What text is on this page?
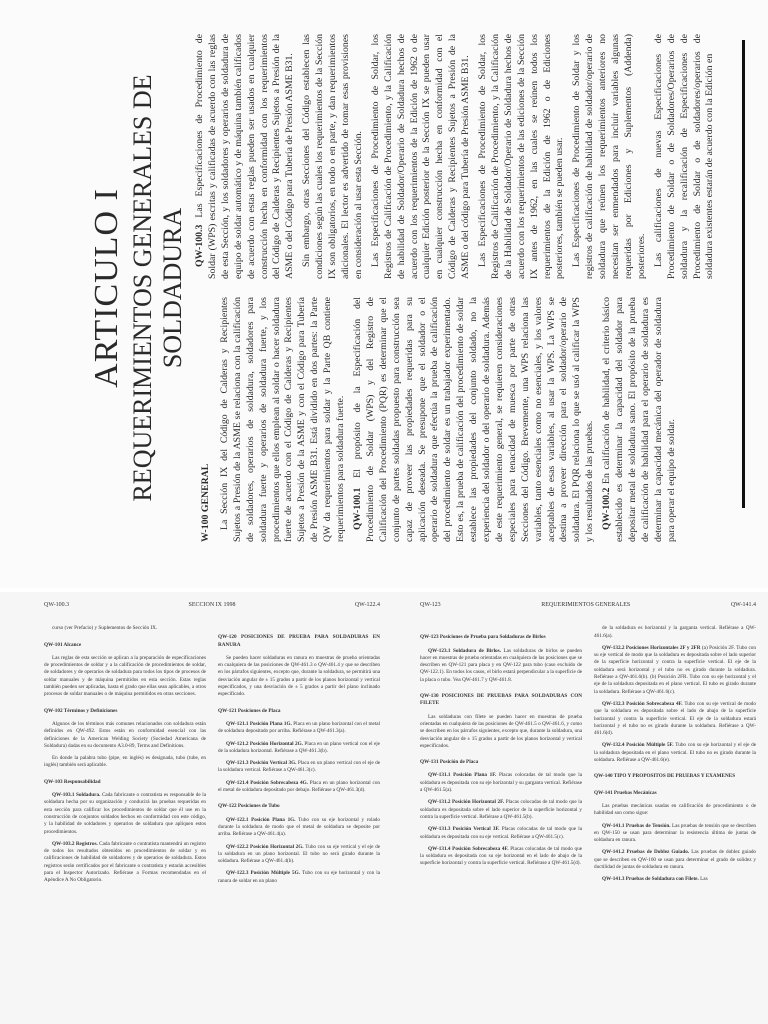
ARTICULO I REQUERIMIENTOS GENERALES DE SOLDADURA

W-100 GENERAL La Sección IX del Código de Calderas y Recipientes Sujetos a Presión de la ASME se relaciona con la calificación de soldadores, operarios de soldadura, soldadores para soldadura fuerte y operarios de soldadura fuerte, y los procedimientos que ellos emplean al soldar o hacer soldadura fuerte de acuerdo con el Código de Calderas y Recipientes Sujetos a Presión de la ASME y con el Código para Tubería de Presión ASME B31. Está dividido en dos partes: la Parte QW da requerimientos para soldar y la Parte QB contiene requerimientos para soldadura fuerte. QW-100.1 El propósito de la Especificación del Procedimiento de Soldar (WPS) y del Registro de Calificación del Procedimiento (PQR) es determinar que el conjunto de partes soldadas propuesto para construcción sea capaz de proveer las propiedades requeridas para su aplicación deseada. Se presupone que el soldador o el operario de soldadura que efectúa la prueba de calificación del procedimiento de soldar es un trabajador experimentado. Esto es, la prueba de calificación del procedimiento de soldar establece las propiedades del conjunto soldado, no la experiencia del soldador o del operario de soldadura. Además de este requerimiento general, se requieren consideraciones especiales para tenacidad de muesca por parte de otras Secciones del Código. Brevemente, una WPS relaciona las variables, tanto esenciales como no esenciales, y los valores aceptables de esas variables, al usar la WPS. La WPS se destina a proveer dirección para el soldador/operario de soldadura. El PQR relaciona lo que se usó al calificar la WPS y los resultados de las pruebas. QW-100.2 En calificación de habilidad, el criterio básico establecido es determinar la capacidad del soldador para depositar metal de soldadura sano. El propósito de la prueba de calificación de habilidad para el operario de soldadura es determinar la capacidad mecánica del operador de soldadura para operar el equipo de soldar.

QW-100.3 Las Especificaciones de Procedimiento de Soldar (WPS) escritas y calificadas de acuerdo con las reglas de esta Sección, y los soldadores y operarios de soldadura de equipo de soldar automático y de máquina también calificados de acuerdo con estas reglas pueden ser usados en cualquier construcción hecha en conformidad con los requerimientos del Código de Calderas y Recipientes Sujetos a Presión de la ASME o del Código para Tubería de Presión ASME B31. Sin embargo, otras Secciones del Código establecen las condiciones según las cuales los requerimientos de la Sección IX son obligatorios, en todo o en parte, y dan requerimientos adicionales. El lector es advertido de tomar esas provisiones en consideración al usar esta Sección. Las Especificaciones de Procedimiento de Soldar, los Registros de Calificación de Procedimiento, y la Calificación de habilidad de Soldador/Operario de Soldadura hechos de acuerdo con los requerimientos de la Edición de 1962 o de cualquier Edición posterior de la Sección IX se pueden usar en cualquier construcción hecha en conformidad con el Código de Calderas y Recipientes Sujetos a Presión de la ASME o del código para Tubería de Presión ASME B31. Las Especificaciones de Procedimiento de Soldar, los Registros de Calificación de Procedimiento, y la Calificación de la Habilidad de Soldador/Operario de Soldadura hechos de acuerdo con los requerimientos de las ediciones de la Sección IX antes de 1962, en las cuales se reúnen todos los requerimientos de la Edición de 1962 o de Ediciones posteriores, también se pueden usar. Las Especificaciones de Procedimiento de Soldar y los registros de calificación de habilidad de soldador/operario de soldadura que reúnen los requerimientos anteriores no necesitan ser enmendados para incluir variables algunas requeridas por Ediciones y Suplementos (Addenda) posteriores. Las calificaciones de nuevas Especificaciones de Procedimiento de Soldar o de Soldadores/Operarios de soldadura y la recalificación de Especificaciones de Procedimiento de Soldar o de soldadores/operarios de soldadura existentes estarán de acuerdo con la Edición en

QW-100.3	SECCION IX 1998	QW-122.4

curso (ver Prefacio) y Suplementos de Sección IX.

QW-101 Alcance

Las reglas de esta sección se aplican a la preparación de especificaciones de procedimientos de soldar y a la calificación de procedimientos de soldar, de soldadores y de operarios de soldadura para todos los tipos de procesos de soldar manuales y de máquina permitidos en esta sección. Estas reglas también pueden ser aplicadas, hasta el grado que ellas sean aplicables, a otros procesos de soldar manuales o de máquina permitidos en otras secciones.

QW-102 Términos y Definiciones

Algunos de los términos más comunes relacionados con soldadura están definidos en QW-492. Estos están en conformidad esencial con las definiciones de la American Welding Society (Sociedad Americana de Soldadura) dadas en su documento A3.0-89, Terms and Definitions.

En donde la palabra tubo (pipe, en inglés) es designada, tubo (tube, en inglés) también será aplicable.

QW-103 Responsabilidad

QW-103.1 Soldadura. Cada fabricante o contratista es responsable de la soldadura hecha por su organización y conducirá las pruebas requeridas en esta sección para calificar los procedimientos de soldar que él use en la construcción de conjuntos soldados hechos en conformidad con este código, y la habilidad de soldadores y operarios de soldadura que apliquen estos procedimientos.

QW-103.2 Registros. Cada fabricante o contratista mantendrá un registro de todos los resultados obtenidos en procedimientos de soldar y en calificaciones de habilidad de soldadores y de operarios de soldadura. Estos registros serán certificados por el fabricante o contratista y estarán accesibles para el Inspector Autorizado. Refiérase a Formas recomendadas en el Apéndice A No Obligatorio.

QW-120 POSICIONES DE PRUEBA PARA SOLDADURAS EN RANURA

Se pueden hacer soldaduras en ranura en muestras de prueba orientadas en cualquiera de las posiciones de QW-461.3 o QW-461.4 y que se describen en los párrafos siguientes, excepto que, durante la soldadura, se permitirá una desviación angular de ± 15 grados a partir de los planos horizontal y vertical especificados, y una desviación de ± 5 grados a partir del plano inclinado especificado.

QW-121 Posiciones de Placa

QW-121.1 Posición Plana 1G. Placa en un plano horizontal con el metal de soldadura depositado por arriba. Refiérase a QW-461.3(a).

QW-121.2 Posición Horizontal 2G. Placa en un plano vertical con el eje de la soldadura horizontal. Refiérase a QW-461.3(b).

QW-121.3 Posición Vertical 3G. Placa en un plano vertical con el eje de la soldadura vertical. Refiérase a QW-461.3(c).

QW-121.4 Posición Sobrecabeza 4G. Placa en un plano horizontal con el metal de soldadura depositado por debajo. Refiérase a QW-461.3(d).

QW-122 Posiciones de Tubo

QW-122.1 Posición Plana 1G. Tubo con su eje horizontal y rolado durante la soldadura de modo que el metal de soldadura se deposite por arriba. Refiérase a QW-461.4(a).

QW-122.2 Posición Horizontal 2G. Tubo con su eje vertical y el eje de la soldadura en un plano horizontal. El tubo no será girado durante la soldadura. Refiérase a QW-461.4(b).

QW-122.3 Posición Múltiple 5G. Tubo con su eje horizontal y con la ranura de soldar en un plano

QW-123	REQUERIMIENTOS GENERALES	QW-141.4

QW-123 Posiciones de Prueba para Soldaduras de Birlos

QW-123.1 Soldadura de Birlos. Las soldaduras de birlos se pueden hacer en muestras de prueba orientadas en cualquiera de las posiciones que se describen en QW-121 para placa y en QW-122 para tubo (caso excluido de QW-122.1). En todos los casos, el birlo estará perpendicular a la superficie de la placa o tubo. Vea QW-461.7 y QW-461.8.

QW-130 POSICIONES DE PRUEBAS PARA SOLDADURAS CON FILETE

Las soldaduras con filete se pueden hacer en muestras de prueba orientadas en cualquiera de las posiciones de QW-461.5 o QW-461.6, y como se describen en los párrafos siguientes, excepto que, durante la soldadura, una desviación angular de ± 15 grados a partir de los planos horizontal y vertical especificados.

QW-131 Posición de Placa

QW-131.1 Posición Plana 1F. Placas colocadas de tal modo que la soldadura es depositada con su eje horizontal y su garganta vertical. Refiérase a QW-461.5(a).

QW-131.2 Posición Horizontal 2F. Placas colocadas de tal modo que la soldadura es depositada sobre el lado superior de la superficie horizontal y contra la superficie vertical. Refiérase a QW-461.5(b).

QW-131.3 Posición Vertical 3F. Placas colocadas de tal modo que la soldadura es depositada con su eje vertical. Refiérase a QW-461.5(c).

QW-131.4 Posición Sobrecabeza 4F. Placas colocadas de tal modo que la soldadura es depositada con su eje horizontal en el lado de abajo de la superficie horizontal y contra la superficie vertical. Refiérase a QW-461.5(d).

de la soldadura es horizontal y la garganta vertical. Refiérase a QW-461.6(a).

QW-132.2 Posiciones Horizontales 2F y 2FR (a) Posición 2F. Tubo con su eje vertical de modo que la soldadura es depositada sobre el lado superior de la superficie horizontal y contra la superficie vertical. El eje de la soldadura será horizontal y el tubo no es girado durante la soldadura. Refiérase a QW-461.6(b). (b) Posición 2FR. Tubo con su eje horizontal y el eje de la soldadura depositada en el plano vertical. El tubo es girado durante la soldadura. Refiérase a QW-461.6(c).

QW-132.3 Posición Sobrecabeza 4F. Tubo con su eje vertical de modo que la soldadura es depositada sobre el lado de abajo de la superficie horizontal y contra la superficie vertical. El eje de la soldadura estará horizontal y el tubo no es girado durante la soldadura. Refiérase a QW-461.6(d).

QW-132.4 Posición Múltiple 5F. Tubo con su eje horizontal y el eje de la soldadura depositada en el plano vertical. El tubo no es girado durante la soldadura. Refiérase a QW-461.6(e).

QW-140 TIPO Y PROPOSITOS DE PRUEBAS Y EXAMENES

QW-141 Pruebas Mecánicas

Las pruebas mecánicas usadas en calificación de procedimiento o de habilidad son como sigue:

QW-141.1 Pruebas de Tensión. Las pruebas de tensión que se describen en QW-150 se usan para determinar la resistencia última de juntas de soldadura en ranura.

QW-141.2 Pruebas de Doblez Guiado. Las pruebas de doblez guiado que se describen en QW-160 se usan para determinar el grado de solidez y ductilidad de juntas de soldadura en ranura.

QW-141.3 Pruebas de Soldadura con Filete. Las
